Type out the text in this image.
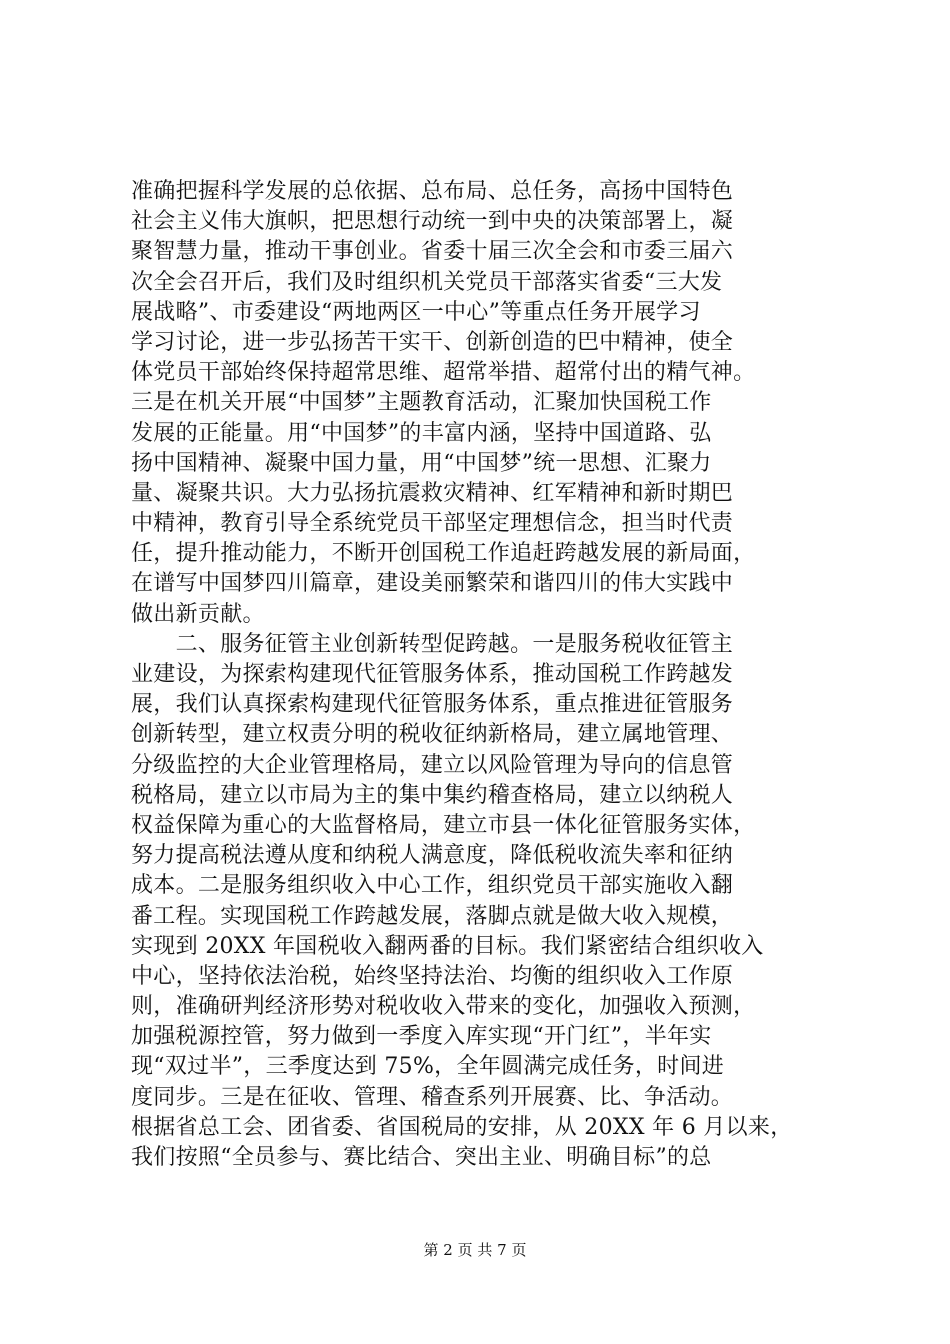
准确把握科学发展的总依据、总布局、总任务，高扬中国特色
社会主义伟大旗帜，把思想行动统一到中央的决策部署上，凝
聚智慧力量，推动干事创业。省委十届三次全会和市委三届六
次全会召开后，我们及时组织机关党员干部落实省委“三大发
展战略”、市委建设“两地两区一中心”等重点任务开展学习
学习讨论，进一步弘扬苦干实干、创新创造的巴中精神，使全
体党员干部始终保持超常思维、超常举措、超常付出的精气神。
三是在机关开展“中国梦”主题教育活动，汇聚加快国税工作
发展的正能量。用“中国梦”的丰富内涵，坚持中国道路、弘
扬中国精神、凝聚中国力量，用“中国梦”统一思想、汇聚力
量、凝聚共识。大力弘扬抗震救灾精神、红军精神和新时期巴
中精神，教育引导全系统党员干部坚定理想信念，担当时代责
任，提升推动能力，不断开创国税工作追赶跨越发展的新局面，
在谱写中国梦四川篇章，建设美丽繁荣和谐四川的伟大实践中
做出新贡献。
　　二、服务征管主业创新转型促跨越。一是服务税收征管主
业建设，为探索构建现代征管服务体系，推动国税工作跨越发
展，我们认真探索构建现代征管服务体系，重点推进征管服务
创新转型，建立权责分明的税收征纳新格局，建立属地管理、
分级监控的大企业管理格局，建立以风险管理为导向的信息管
税格局，建立以市局为主的集中集约稽查格局，建立以纳税人
权益保障为重心的大监督格局，建立市县一体化征管服务实体，
努力提高税法遵从度和纳税人满意度，降低税收流失率和征纳
成本。二是服务组织收入中心工作，组织党员干部实施收入翻
番工程。实现国税工作跨越发展，落脚点就是做大收入规模，
实现到 20XX 年国税收入翻两番的目标。我们紧密结合组织收入
中心，坚持依法治税，始终坚持法治、均衡的组织收入工作原
则，准确研判经济形势对税收收入带来的变化，加强收入预测，
加强税源控管，努力做到一季度入库实现“开门红”，半年实
现“双过半”，三季度达到 75%，全年圆满完成任务，时间进
度同步。三是在征收、管理、稽查系列开展赛、比、争活动。
根据省总工会、团省委、省国税局的安排，从 20XX 年 6 月以来，
我们按照“全员参与、赛比结合、突出主业、明确目标”的总
第 2 页 共 7 页
